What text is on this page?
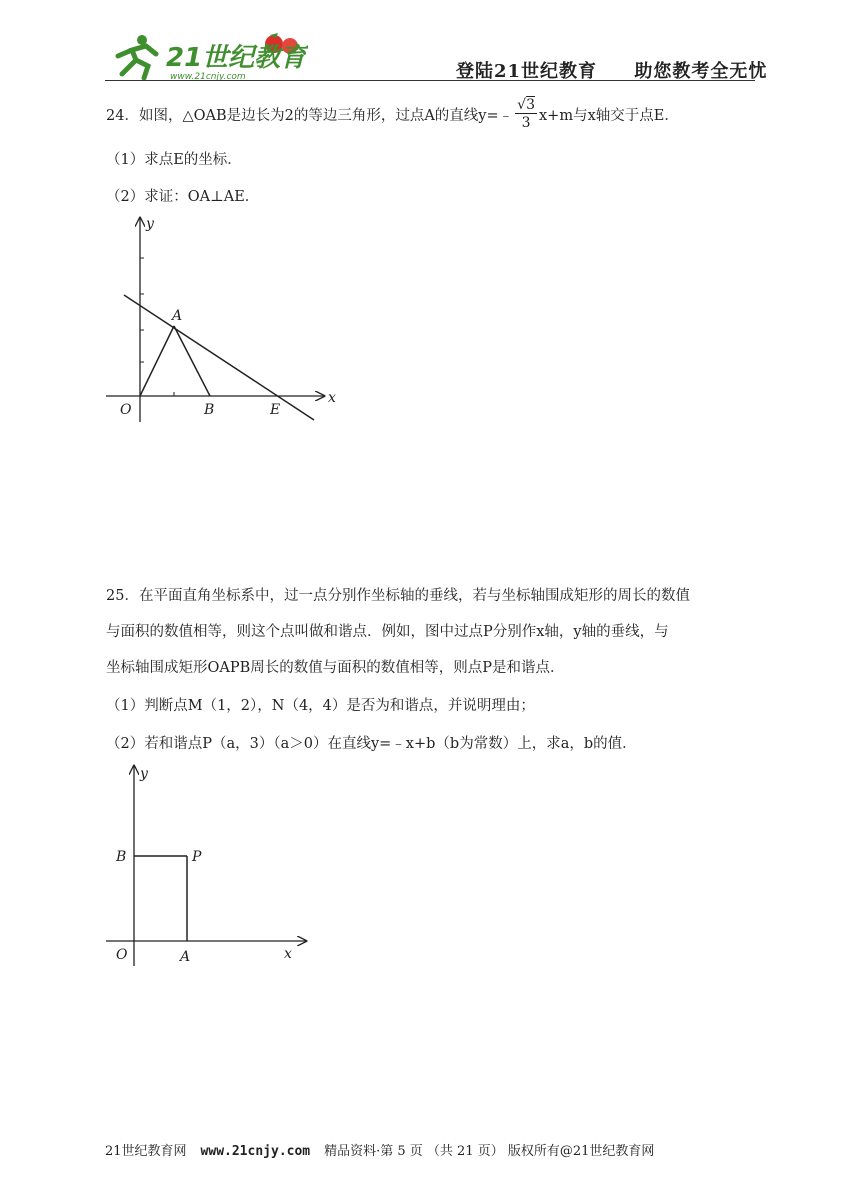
21世纪教育
www.21cnjy.com	登陆21世纪教育 助您教考全无忧
24．如图，△OAB是边长为2的等边三角形，过点A的直线y=﹣ $\frac{√3}{3} x+m$与x轴交于点E．
（1）求点E的坐标．
（2）求证：OA⊥AE．
y
x
A
O	B	E
25．在平面直角坐标系中，过一点分别作坐标轴的垂线，若与坐标轴围成矩形的周长的数值
与面积的数值相等，则这个点叫做和谐点．例如，图中过点P分别作x轴，y轴的垂线，与
坐标轴围成矩形OAPB周长的数值与面积的数值相等，则点P是和谐点．
（1）判断点M（1，2），N（4，4）是否为和谐点，并说明理由；
（2）若和谐点P（a，3）（a＞0）在直线y=﹣x+b（b为常数）上，求a，b的值．
y
x
B	P
O	A
21世纪教育网 www.21cnjy.com 精品资料·第 5 页 （共 21 页） 版权所有@21世纪教育网
